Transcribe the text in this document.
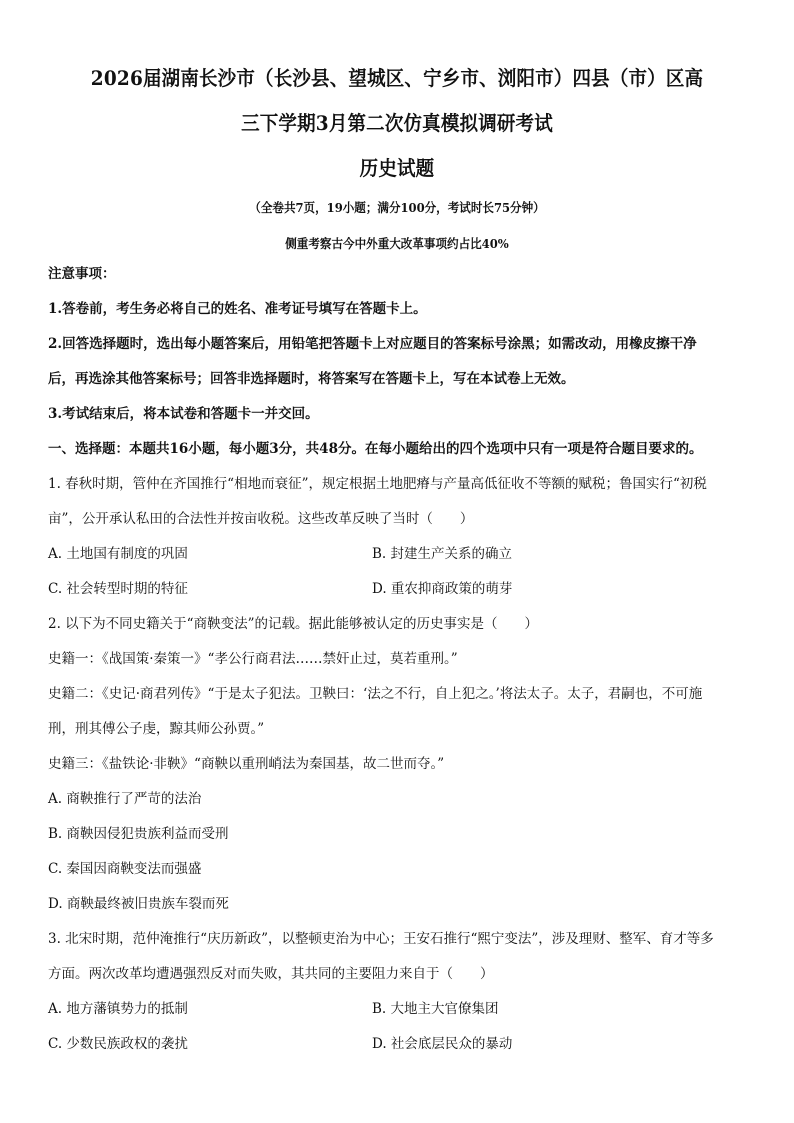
2026届湖南长沙市（长沙县、望城区、宁乡市、浏阳市）四县（市）区高
三下学期3月第二次仿真模拟调研考试
历史试题
（全卷共7页，19小题；满分100分，考试时长75分钟）
侧重考察古今中外重大改革事项约占比40%
注意事项：
1.答卷前，考生务必将自己的姓名、准考证号填写在答题卡上。
2.回答选择题时，选出每小题答案后，用铅笔把答题卡上对应题目的答案标号涂黑；如需改动，用橡皮擦干净
后，再选涂其他答案标号；回答非选择题时，将答案写在答题卡上，写在本试卷上无效。
3.考试结束后，将本试卷和答题卡一并交回。
一、选择题：本题共16小题，每小题3分，共48分。在每小题给出的四个选项中只有一项是符合题目要求的。
1. 春秋时期，管仲在齐国推行“相地而衰征”，规定根据土地肥瘠与产量高低征收不等额的赋税；鲁国实行“初税
亩”，公开承认私田的合法性并按亩收税。这些改革反映了当时（　　）
A. 土地国有制度的巩固	B. 封建生产关系的确立
C. 社会转型时期的特征	D. 重农抑商政策的萌芽
2. 以下为不同史籍关于“商鞅变法”的记载。据此能够被认定的历史事实是（　　）
史籍一：《战国策·秦策一》“孝公行商君法……禁奸止过，莫若重刑。”
史籍二：《史记·商君列传》“于是太子犯法。卫鞅曰：‘法之不行，自上犯之。’将法太子。太子，君嗣也，不可施
刑，刑其傅公子虔，黥其师公孙贾。”
史籍三：《盐铁论·非鞅》“商鞅以重刑峭法为秦国基，故二世而夺。”
A. 商鞅推行了严苛的法治
B. 商鞅因侵犯贵族利益而受刑
C. 秦国因商鞅变法而强盛
D. 商鞅最终被旧贵族车裂而死
3. 北宋时期，范仲淹推行“庆历新政”，以整顿吏治为中心；王安石推行“熙宁变法”，涉及理财、整军、育才等多
方面。两次改革均遭遇强烈反对而失败，其共同的主要阻力来自于（　　）
A. 地方藩镇势力的抵制	B. 大地主大官僚集团
C. 少数民族政权的袭扰	D. 社会底层民众的暴动
